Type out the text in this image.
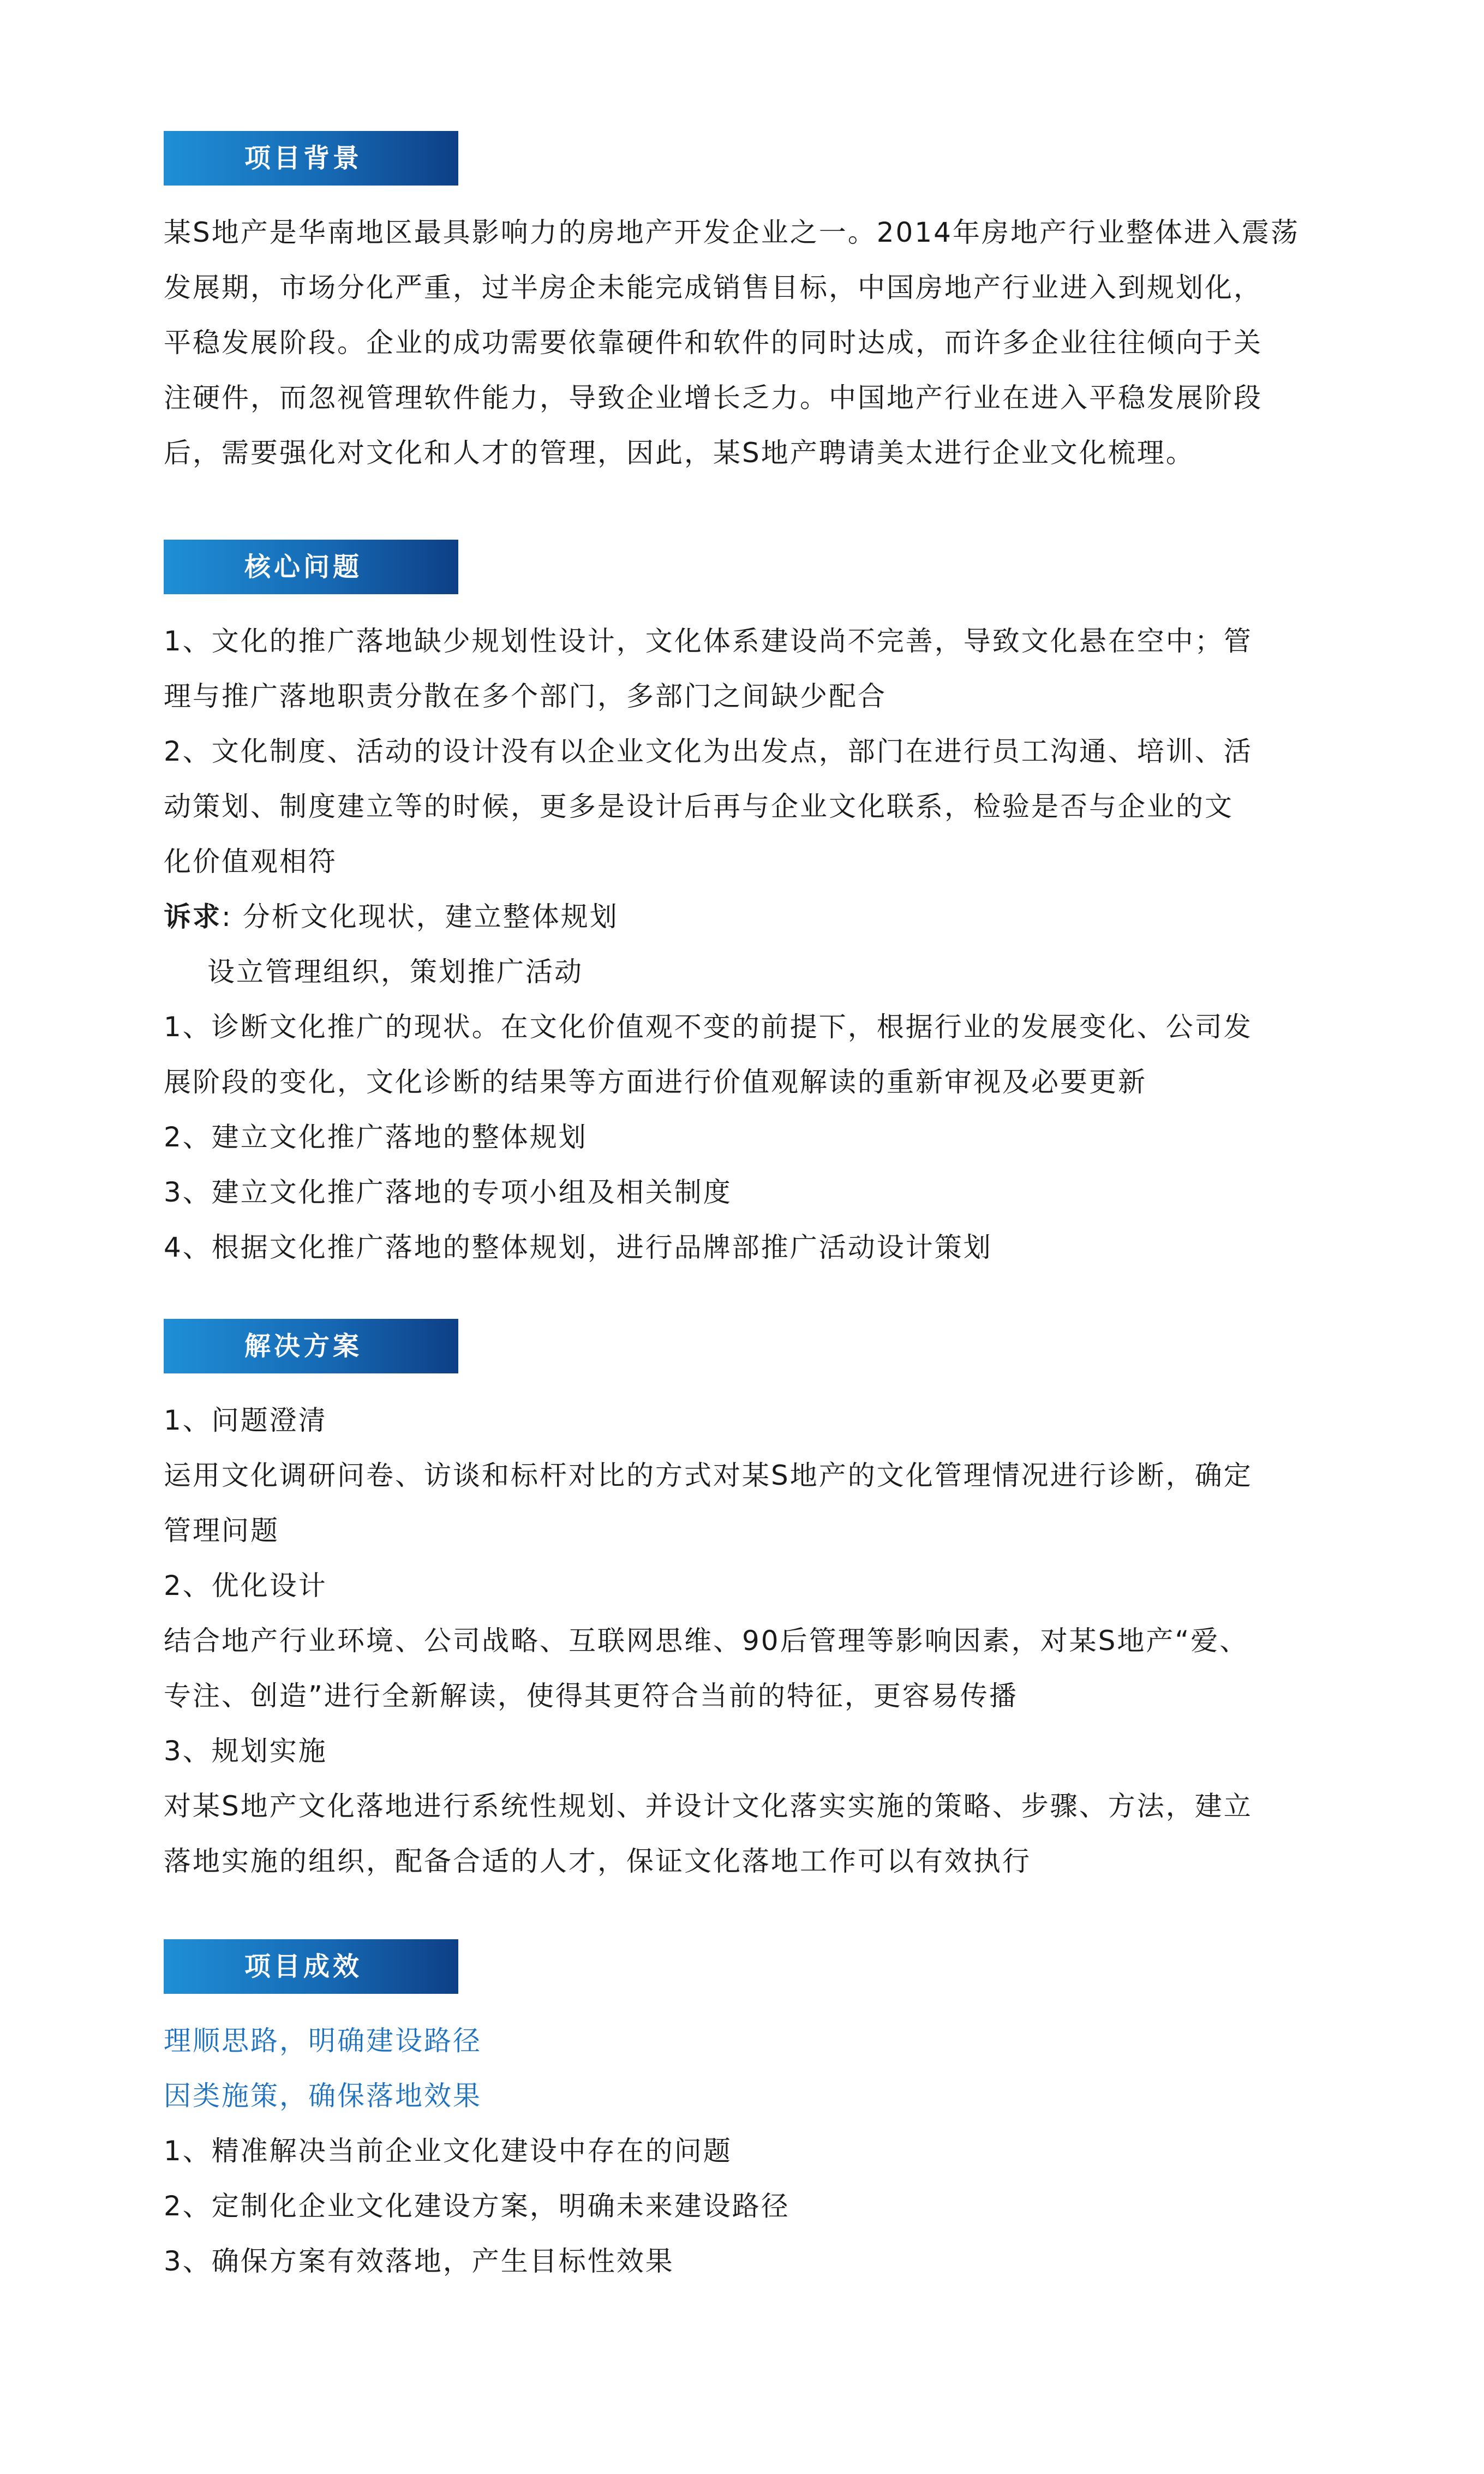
项目背景
某S地产是华南地区最具影响力的房地产开发企业之一。2014年房地产行业整体进入震荡
发展期，市场分化严重，过半房企未能完成销售目标，中国房地产行业进入到规划化，
平稳发展阶段。企业的成功需要依靠硬件和软件的同时达成，而许多企业往往倾向于关
注硬件，而忽视管理软件能力，导致企业增长乏力。中国地产行业在进入平稳发展阶段
后，需要强化对文化和人才的管理，因此，某S地产聘请美太进行企业文化梳理。
核心问题
1、文化的推广落地缺少规划性设计，文化体系建设尚不完善，导致文化悬在空中；管
理与推广落地职责分散在多个部门，多部门之间缺少配合
2、文化制度、活动的设计没有以企业文化为出发点，部门在进行员工沟通、培训、活
动策划、制度建立等的时候，更多是设计后再与企业文化联系，检验是否与企业的文
化价值观相符
诉求: 分析文化现状，建立整体规划
设立管理组织，策划推广活动
1、诊断文化推广的现状。在文化价值观不变的前提下，根据行业的发展变化、公司发
展阶段的变化，文化诊断的结果等方面进行价值观解读的重新审视及必要更新
2、建立文化推广落地的整体规划
3、建立文化推广落地的专项小组及相关制度
4、根据文化推广落地的整体规划，进行品牌部推广活动设计策划
解决方案
1、问题澄清
运用文化调研问卷、访谈和标杆对比的方式对某S地产的文化管理情况进行诊断，确定
管理问题
2、优化设计
结合地产行业环境、公司战略、互联网思维、90后管理等影响因素，对某S地产“爱、
专注、创造”进行全新解读，使得其更符合当前的特征，更容易传播
3、规划实施
对某S地产文化落地进行系统性规划、并设计文化落实实施的策略、步骤、方法，建立
落地实施的组织，配备合适的人才，保证文化落地工作可以有效执行
项目成效
理顺思路，明确建设路径
因类施策，确保落地效果
1、精准解决当前企业文化建设中存在的问题
2、定制化企业文化建设方案，明确未来建设路径
3、确保方案有效落地，产生目标性效果
